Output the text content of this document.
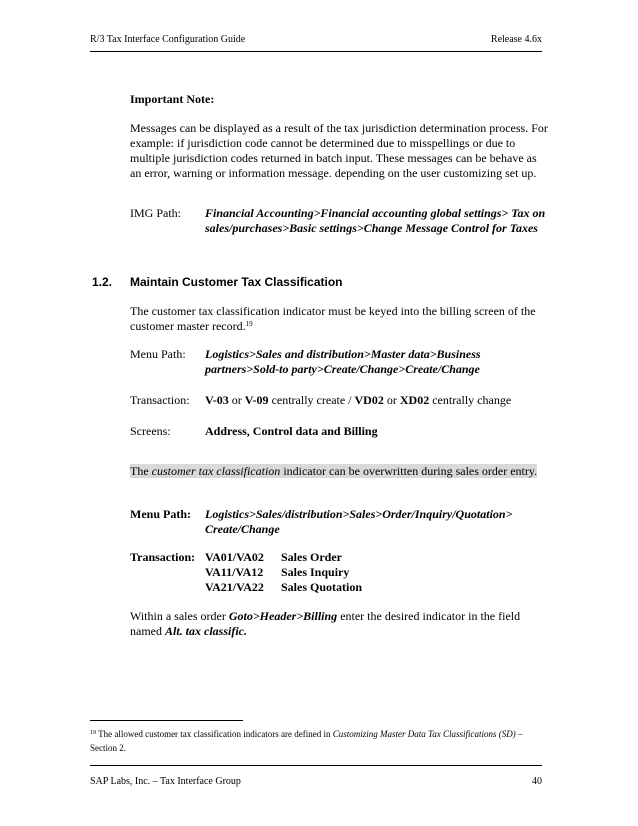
R/3 Tax Interface Configuration Guide	Release 4.6x
Important Note:
Messages can be displayed as a result of the tax jurisdiction determination process. For example: if jurisdiction code cannot be determined due to misspellings or due to multiple jurisdiction codes returned in batch input. These messages can be behave as an error, warning or information message. depending on the user customizing set up.
IMG Path: Financial Accounting>Financial accounting global settings> Tax on sales/purchases>Basic settings>Change Message Control for Taxes
1.2. Maintain Customer Tax Classification
The customer tax classification indicator must be keyed into the billing screen of the customer master record.$^{19}$
Menu Path: Logistics>Sales and distribution>Master data>Business partners>Sold-to party>Create/Change>Create/Change
Transaction: V-03 or V-09 centrally create / VD02 or XD02 centrally change
Screens:	Address, Control data and Billing
The customer tax classification indicator can be overwritten during sales order entry.
Menu Path: Logistics>Sales/distribution>Sales>Order/Inquiry/Quotation> Create/Change
Transaction: VA01/VA02 Sales Order
VA11/VA12 Sales Inquiry
VA21/VA22 Sales Quotation
Within a sales order Goto>Header>Billing enter the desired indicator in the field named Alt. tax classific.
$^{19}$ The allowed customer tax classification indicators are defined in Customizing Master Data Tax Classifications (SD) – Section 2.
SAP Labs, Inc. – Tax Interface Group	40
